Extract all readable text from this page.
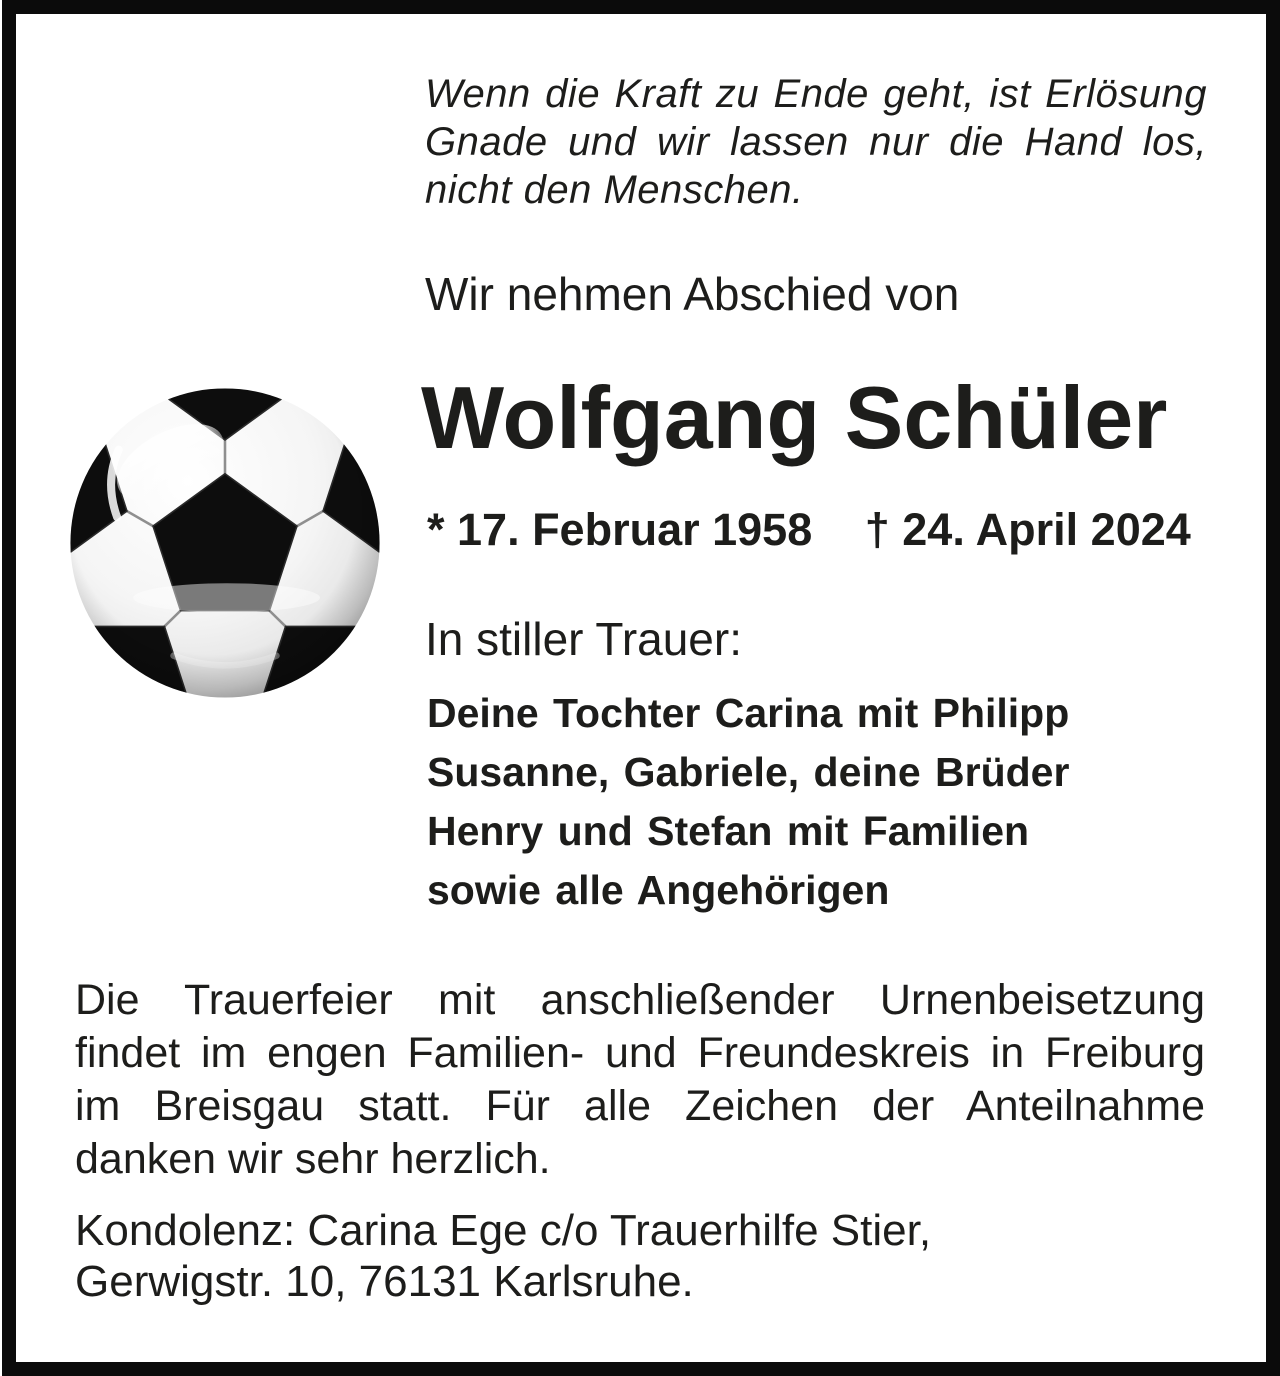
Wenn die Kraft zu Ende geht, ist Erlösung
Gnade und wir lassen nur die Hand los,
nicht den Menschen.
Wir nehmen Abschied von
Wolfgang Schüler
* 17. Februar 1958 † 24. April 2024
In stiller Trauer:
Deine Tochter Carina mit Philipp
Susanne, Gabriele, deine Brüder
Henry und Stefan mit Familien
sowie alle Angehörigen
Die Trauerfeier mit anschließender Urnenbeisetzung
findet im engen Familien- und Freundeskreis in Freiburg
im Breisgau statt. Für alle Zeichen der Anteilnahme
danken wir sehr herzlich.
Kondolenz: Carina Ege c/o Trauerhilfe Stier,
Gerwigstr. 10, 76131 Karlsruhe.
